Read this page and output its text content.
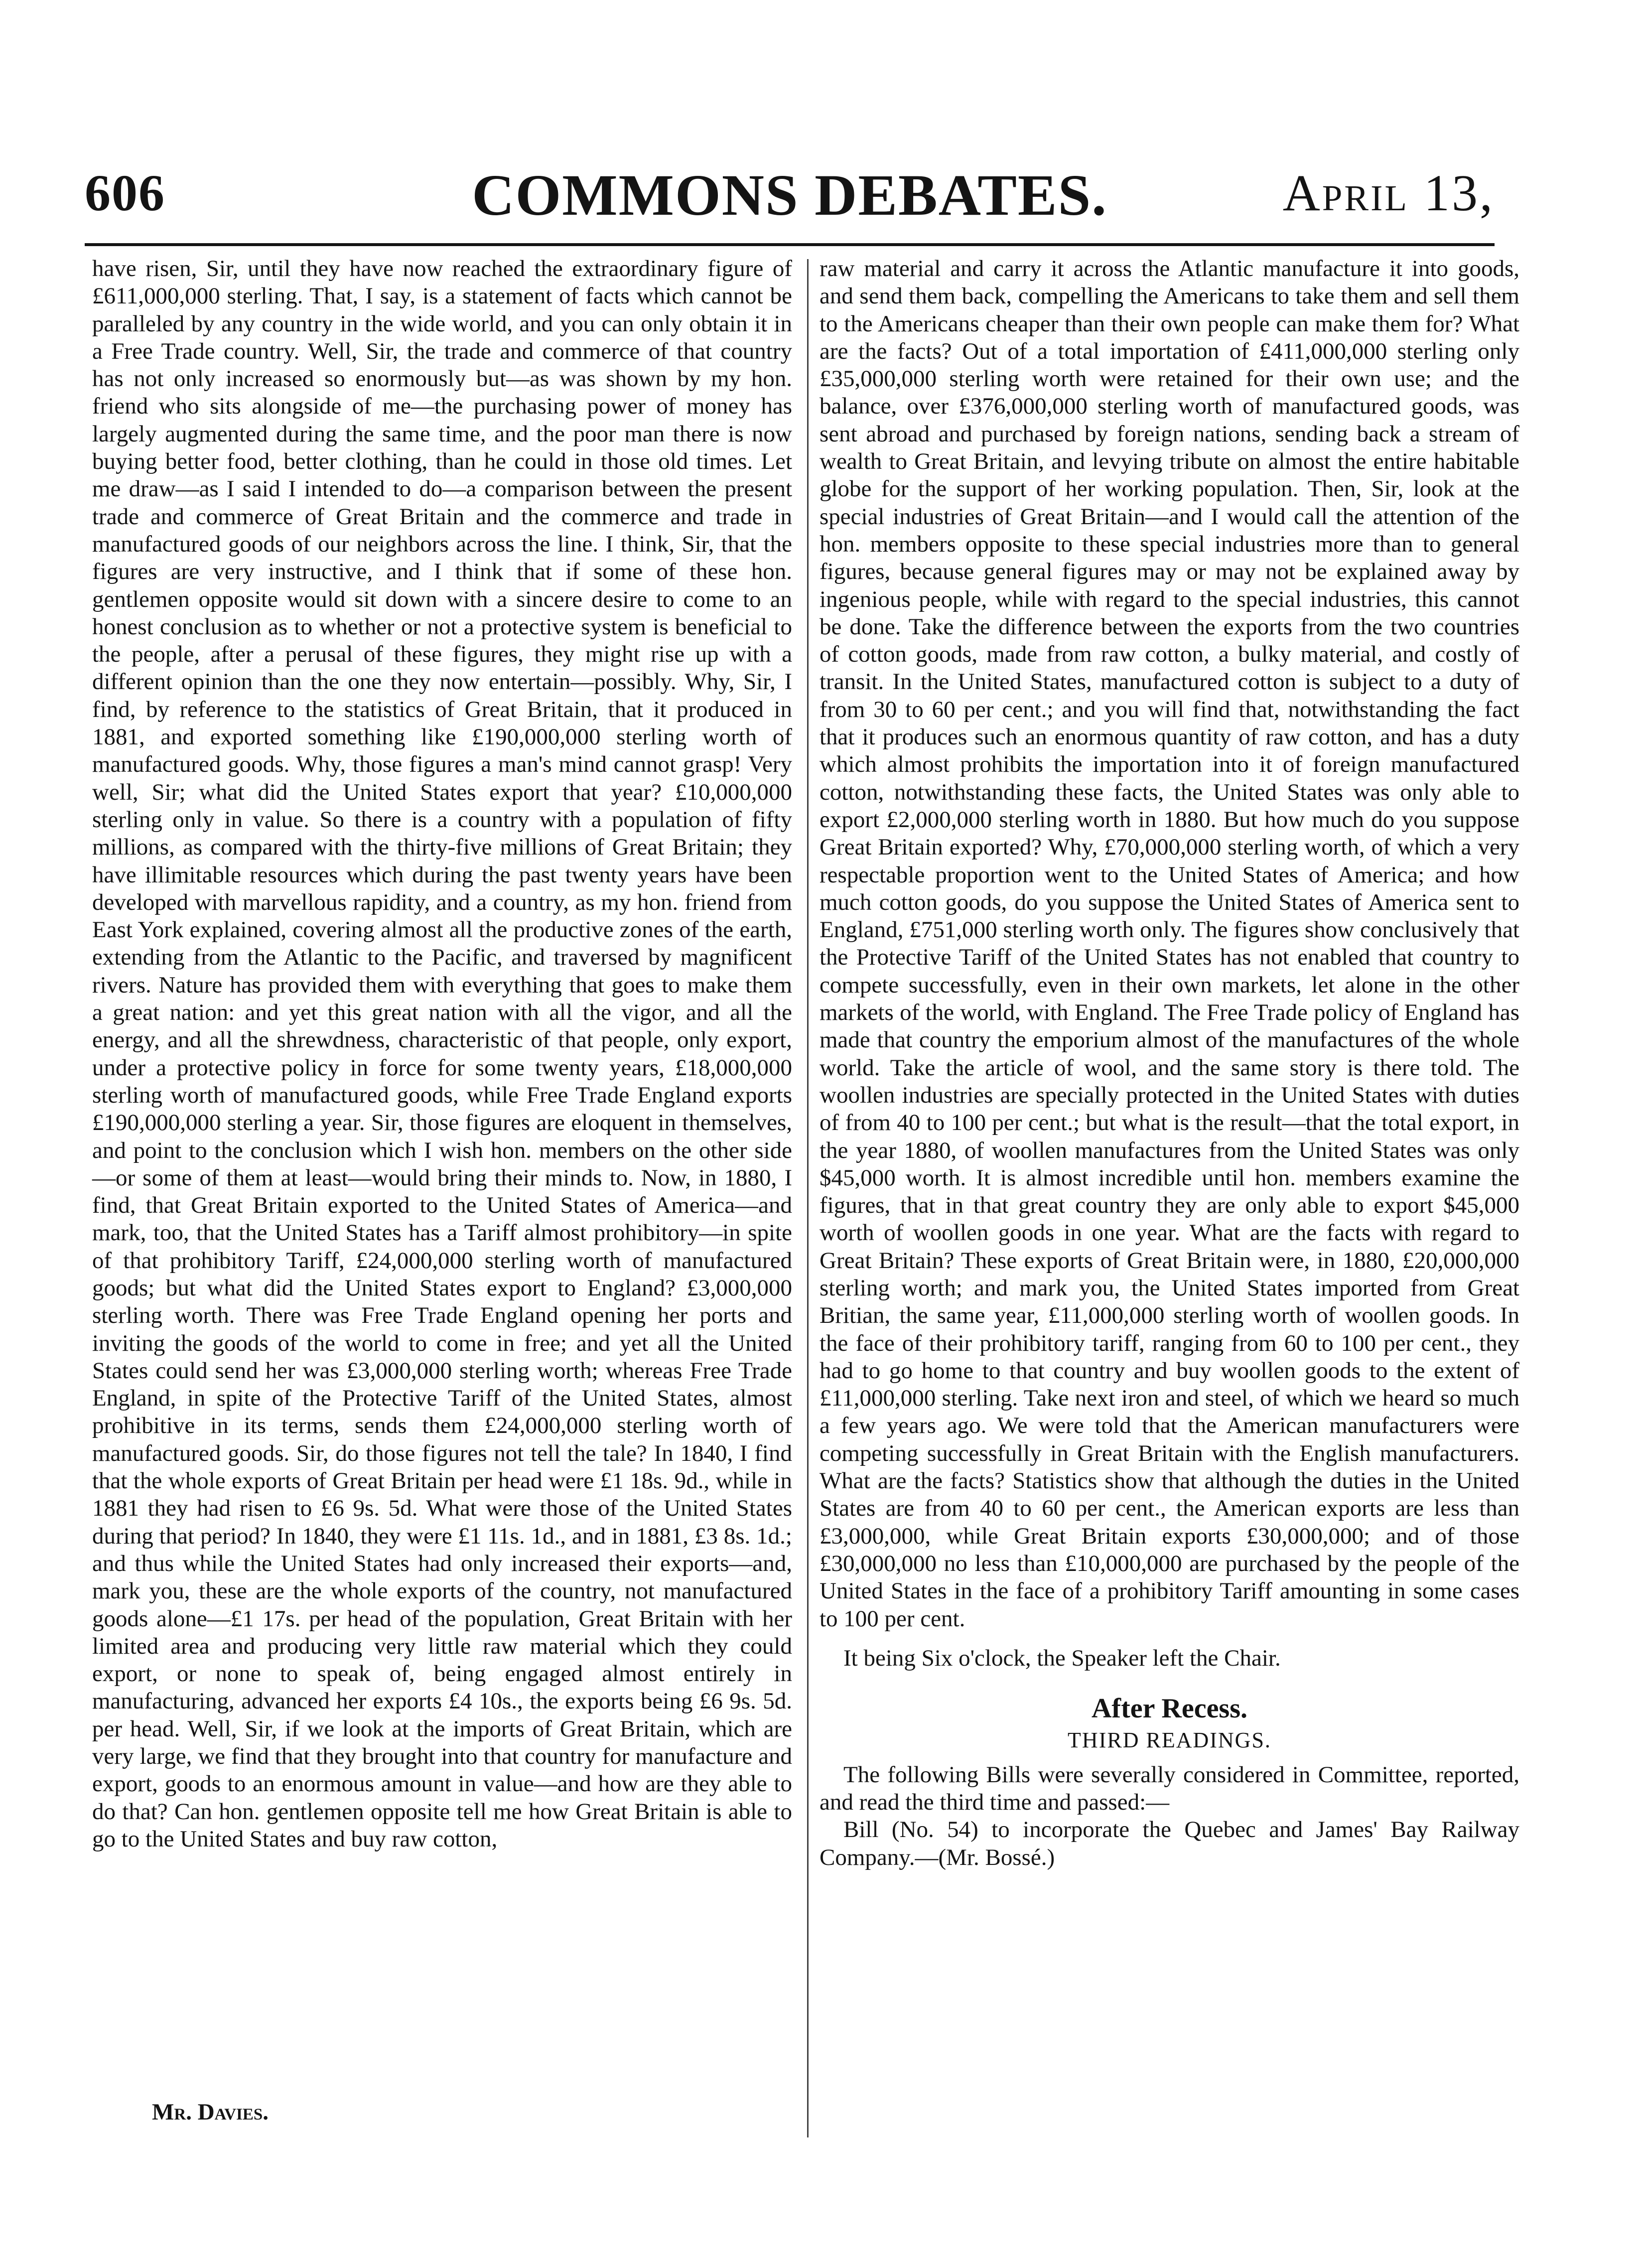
606	COMMONS DEBATES.	April 13,

have risen, Sir, until they have now reached the extraordinary figure of £611,000,000 sterling. That, I say, is a statement of facts which cannot be paralleled by any country in the wide world, and you can only obtain it in a Free Trade country. Well, Sir, the trade and commerce of that country has not only increased so enormously but—as was shown by my hon. friend who sits alongside of me—the purchasing power of money has largely augmented during the same time, and the poor man there is now buying better food, better clothing, than he could in those old times. Let me draw—as I said I intended to do—a comparison between the present trade and commerce of Great Britain and the commerce and trade in manufactured goods of our neighbors across the line. I think, Sir, that the figures are very instructive, and I think that if some of these hon. gentlemen opposite would sit down with a sincere desire to come to an honest conclusion as to whether or not a protective system is beneficial to the people, after a perusal of these figures, they might rise up with a different opinion than the one they now entertain—possibly. Why, Sir, I find, by reference to the statistics of Great Britain, that it produced in 1881, and exported something like £190,000,000 sterling worth of manufactured goods. Why, those figures a man's mind cannot grasp! Very well, Sir; what did the United States export that year? £10,000,000 sterling only in value. So there is a country with a population of fifty millions, as compared with the thirty-five millions of Great Britain; they have illimitable resources which during the past twenty years have been developed with marvellous rapidity, and a country, as my hon. friend from East York explained, covering almost all the productive zones of the earth, extending from the Atlantic to the Pacific, and traversed by magnificent rivers. Nature has provided them with everything that goes to make them a great nation: and yet this great nation with all the vigor, and all the energy, and all the shrewdness, characteristic of that people, only export, under a protective policy in force for some twenty years, £18,000,000 sterling worth of manufactured goods, while Free Trade England exports £190,000,000 sterling a year. Sir, those figures are eloquent in themselves, and point to the conclusion which I wish hon. members on the other side—or some of them at least—would bring their minds to. Now, in 1880, I find, that Great Britain exported to the United States of America—and mark, too, that the United States has a Tariff almost prohibitory—in spite of that prohibitory Tariff, £24,000,000 sterling worth of manufactured goods; but what did the United States export to England? £3,000,000 sterling worth. There was Free Trade England opening her ports and inviting the goods of the world to come in free; and yet all the United States could send her was £3,000,000 sterling worth; whereas Free Trade England, in spite of the Protective Tariff of the United States, almost prohibitive in its terms, sends them £24,000,000 sterling worth of manufactured goods. Sir, do those figures not tell the tale? In 1840, I find that the whole exports of Great Britain per head were £1 18s. 9d., while in 1881 they had risen to £6 9s. 5d. What were those of the United States during that period? In 1840, they were £1 11s. 1d., and in 1881, £3 8s. 1d.; and thus while the United States had only increased their exports—and, mark you, these are the whole exports of the country, not manufactured goods alone—£1 17s. per head of the population, Great Britain with her limited area and producing very little raw material which they could export, or none to speak of, being engaged almost entirely in manufacturing, advanced her exports £4 10s., the exports being £6 9s. 5d. per head. Well, Sir, if we look at the imports of Great Britain, which are very large, we find that they brought into that country for manufacture and export, goods to an enormous amount in value—and how are they able to do that? Can hon. gentlemen opposite tell me how Great Britain is able to go to the United States and buy raw cotton,

Mr. Davies.

raw material and carry it across the Atlantic manufacture it into goods, and send them back, compelling the Americans to take them and sell them to the Americans cheaper than their own people can make them for? What are the facts? Out of a total importation of £411,000,000 sterling only £35,000,000 sterling worth were retained for their own use; and the balance, over £376,000,000 sterling worth of manufactured goods, was sent abroad and purchased by foreign nations, sending back a stream of wealth to Great Britain, and levying tribute on almost the entire habitable globe for the support of her working population. Then, Sir, look at the special industries of Great Britain—and I would call the attention of the hon. members opposite to these special industries more than to general figures, because general figures may or may not be explained away by ingenious people, while with regard to the special industries, this cannot be done. Take the difference between the exports from the two countries of cotton goods, made from raw cotton, a bulky material, and costly of transit. In the United States, manufactured cotton is subject to a duty of from 30 to 60 per cent.; and you will find that, notwithstanding the fact that it produces such an enormous quantity of raw cotton, and has a duty which almost prohibits the importation into it of foreign manufactured cotton, notwithstanding these facts, the United States was only able to export £2,000,000 sterling worth in 1880. But how much do you suppose Great Britain exported? Why, £70,000,000 sterling worth, of which a very respectable proportion went to the United States of America; and how much cotton goods, do you suppose the United States of America sent to England, £751,000 sterling worth only. The figures show conclusively that the Protective Tariff of the United States has not enabled that country to compete successfully, even in their own markets, let alone in the other markets of the world, with England. The Free Trade policy of England has made that country the emporium almost of the manufactures of the whole world. Take the article of wool, and the same story is there told. The woollen industries are specially protected in the United States with duties of from 40 to 100 per cent.; but what is the result—that the total export, in the year 1880, of woollen manufactures from the United States was only $45,000 worth. It is almost incredible until hon. members examine the figures, that in that great country they are only able to export $45,000 worth of woollen goods in one year. What are the facts with regard to Great Britain? These exports of Great Britain were, in 1880, £20,000,000 sterling worth; and mark you, the United States imported from Great Britian, the same year, £11,000,000 sterling worth of woollen goods. In the face of their prohibitory tariff, ranging from 60 to 100 per cent., they had to go home to that country and buy woollen goods to the extent of £11,000,000 sterling. Take next iron and steel, of which we heard so much a few years ago. We were told that the American manufacturers were competing successfully in Great Britain with the English manufacturers. What are the facts? Statistics show that although the duties in the United States are from 40 to 60 per cent., the American exports are less than £3,000,000, while Great Britain exports £30,000,000; and of those £30,000,000 no less than £10,000,000 are purchased by the people of the United States in the face of a prohibitory Tariff amounting in some cases to 100 per cent.

It being Six o'clock, the Speaker left the Chair.

After Recess.
THIRD READINGS.

The following Bills were severally considered in Committee, reported, and read the third time and passed:—

Bill (No. 54) to incorporate the Quebec and James' Bay Railway Company.—(Mr. Bossé.)
